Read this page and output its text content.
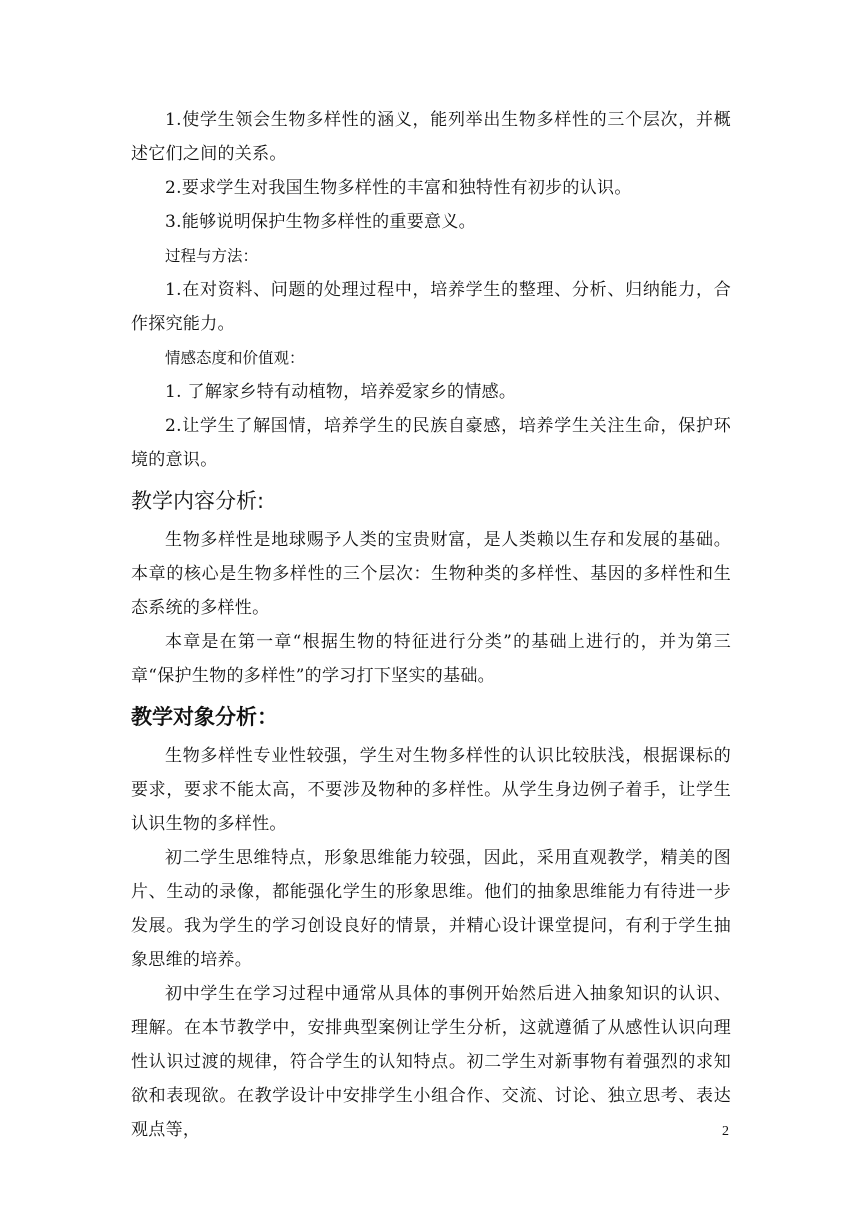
1.使学生领会生物多样性的涵义，能列举出生物多样性的三个层次，并概述它们之间的关系。

2.要求学生对我国生物多样性的丰富和独特性有初步的认识。

3.能够说明保护生物多样性的重要意义。

过程与方法：

1.在对资料、问题的处理过程中，培养学生的整理、分析、归纳能力，合作探究能力。

情感态度和价值观：

1. 了解家乡特有动植物，培养爱家乡的情感。

2.让学生了解国情，培养学生的民族自豪感，培养学生关注生命，保护环境的意识。

教学内容分析:

生物多样性是地球赐予人类的宝贵财富，是人类赖以生存和发展的基础。本章的核心是生物多样性的三个层次：生物种类的多样性、基因的多样性和生态系统的多样性。

本章是在第一章“根据生物的特征进行分类”的基础上进行的，并为第三章“保护生物的多样性”的学习打下坚实的基础。

教学对象分析：

生物多样性专业性较强，学生对生物多样性的认识比较肤浅，根据课标的要求，要求不能太高，不要涉及物种的多样性。从学生身边例子着手，让学生认识生物的多样性。

初二学生思维特点，形象思维能力较强，因此，采用直观教学，精美的图片、生动的录像，都能强化学生的形象思维。他们的抽象思维能力有待进一步发展。我为学生的学习创设良好的情景，并精心设计课堂提问，有利于学生抽象思维的培养。

初中学生在学习过程中通常从具体的事例开始然后进入抽象知识的认识、理解。在本节教学中，安排典型案例让学生分析，这就遵循了从感性认识向理性认识过渡的规律，符合学生的认知特点。初二学生对新事物有着强烈的求知欲和表现欲。在教学设计中安排学生小组合作、交流、讨论、独立思考、表达观点等，	2
